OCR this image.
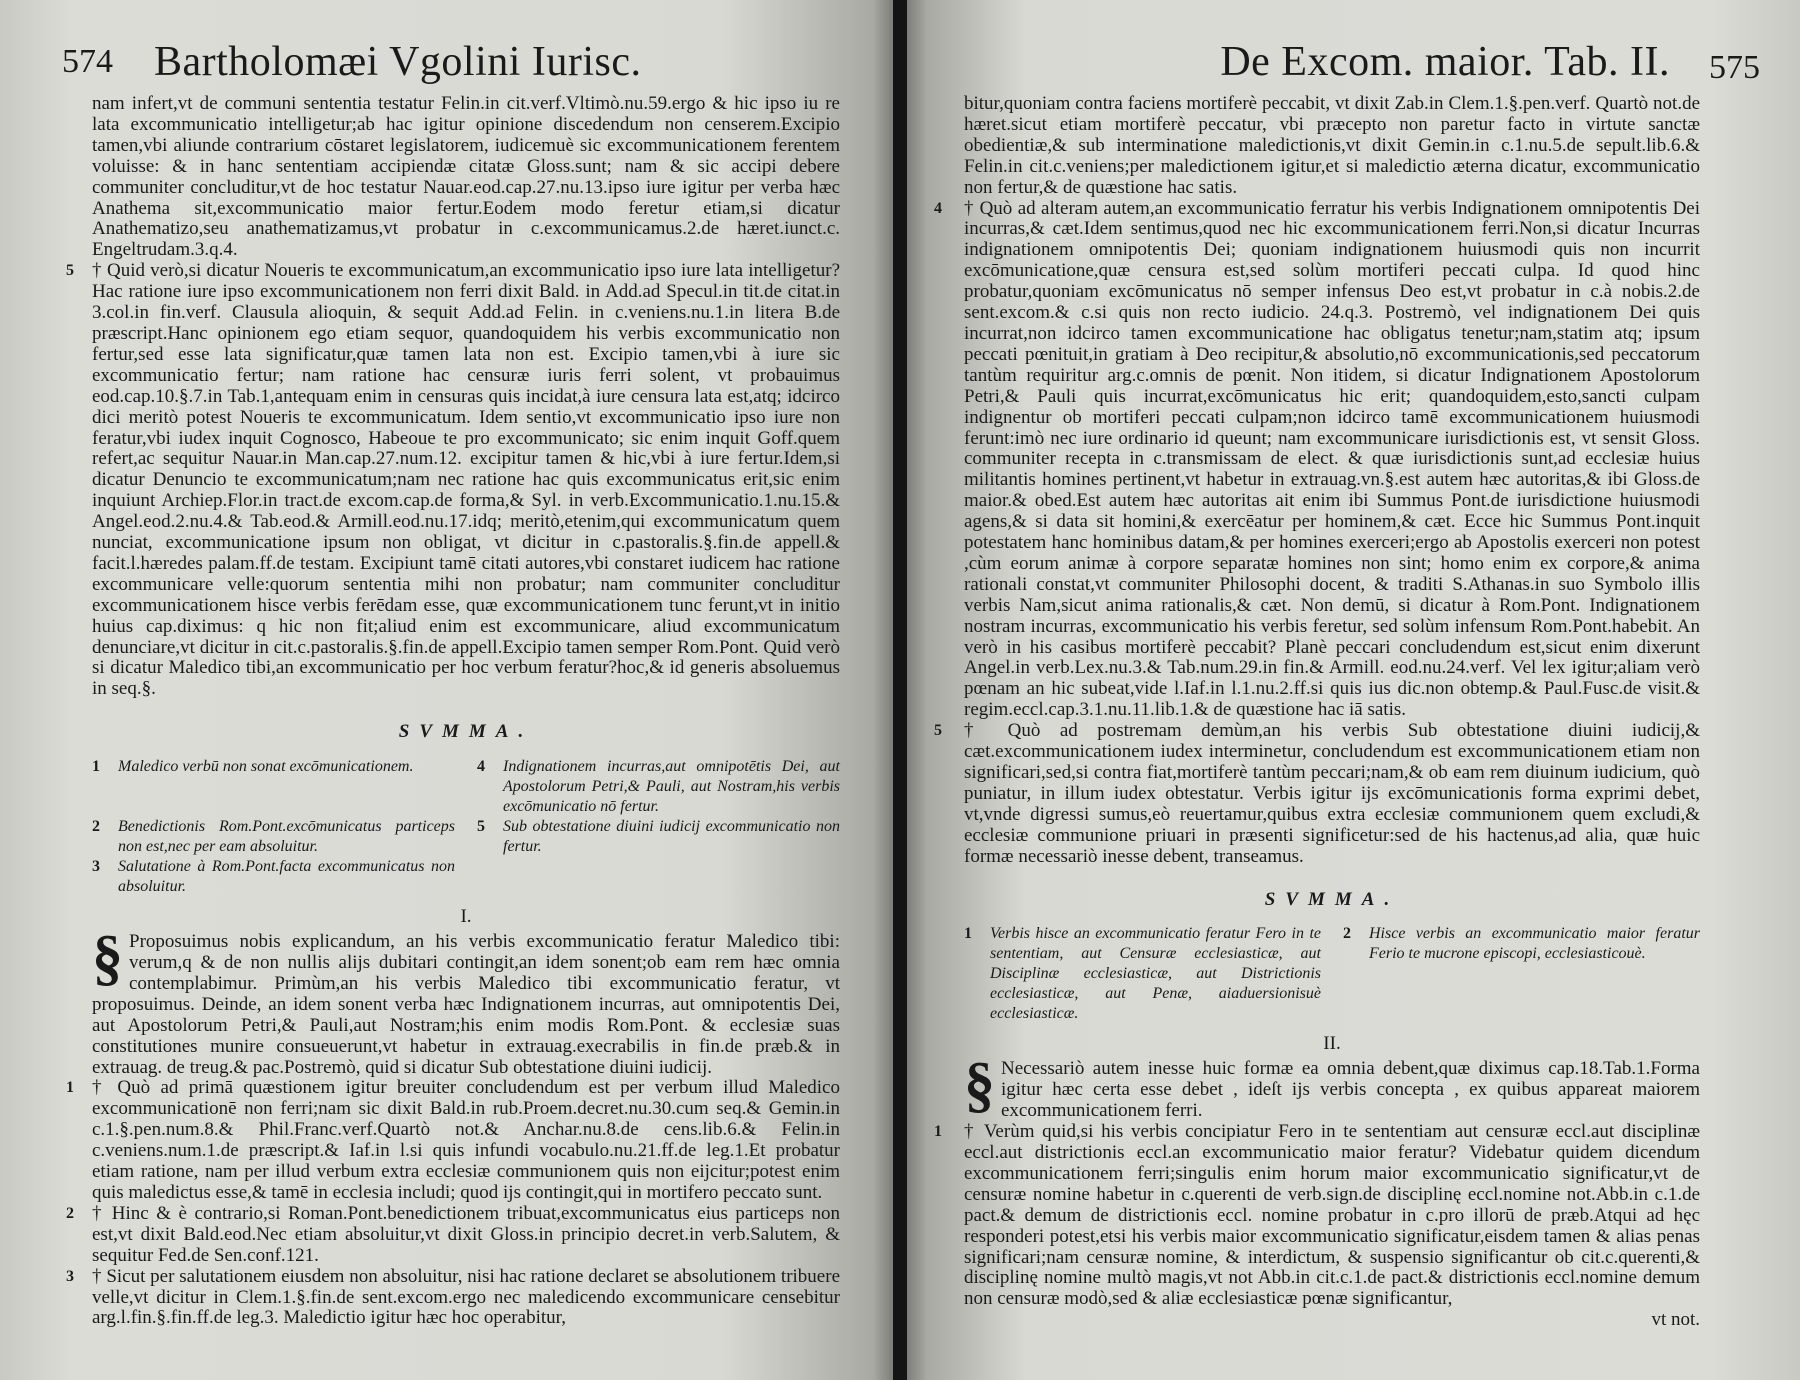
574 Bartholomæi Vgolini Iurisc.

nam infert,vt de communi sententia testatur Felin.in cit.verf.Vltimò.nu.59.ergo & hic ipso iu re lata excommunicatio intelligetur;ab hac igitur opinione discedendum non censerem.Excipio tamen,vbi aliunde contrarium cōstaret legislatorem, iudicemuè sic excommunicationem ferentem voluisse: & in hanc sententiam accipiendæ citatæ Gloss.sunt; nam & sic accipi debere communiter concluditur,vt de hoc testatur Nauar.eod.cap.27.nu.13.ipso iure igitur per verba hæc Anathema sit,excommunicatio maior fertur.Eodem modo feretur etiam,si dicatur Anathematizo,seu anathematizamus,vt probatur in c.excommunicamus.2.de hæret.iunct.c. Engeltrudam.3.q.4.

5 † Quid verò,si dicatur Noueris te excommunicatum,an excommunicatio ipso iure lata intelligetur? Hac ratione iure ipso excommunicationem non ferri dixit Bald. in Add.ad Specul.in tit.de citat.in 3.col.in fin.verf. Clausula alioquin, & sequit Add.ad Felin. in c.veniens.nu.1.in litera B.de præscript.Hanc opinionem ego etiam sequor, quandoquidem his verbis excommunicatio non fertur,sed esse lata significatur,quæ tamen lata non est. Excipio tamen,vbi à iure sic excommunicatio fertur; nam ratione hac censuræ iuris ferri solent, vt probauimus eod.cap.10.§.7.in Tab.1,antequam enim in censuras quis incidat,à iure censura lata est,atq; idcirco dici meritò potest Noueris te excommunicatum. Idem sentio,vt excommunicatio ipso iure non feratur,vbi iudex inquit Cognosco, Habeoue te pro excommunicato; sic enim inquit Goff.quem refert,ac sequitur Nauar.in Man.cap.27.num.12. excipitur tamen & hic,vbi à iure fertur.Idem,si dicatur Denuncio te excommunicatum;nam nec ratione hac quis excommunicatus erit,sic enim inquiunt Archiep.Flor.in tract.de excom.cap.de forma,& Syl. in verb.Excommunicatio.1.nu.15.& Angel.eod.2.nu.4.& Tab.eod.& Armill.eod.nu.17.idq; meritò,etenim,qui excommunicatum quem nunciat, excommunicatione ipsum non obligat, vt dicitur in c.pastoralis.§.fin.de appell.& facit.l.hæredes palam.ff.de testam. Excipiunt tamē citati autores,vbi constaret iudicem hac ratione excommunicare velle:quorum sententia mihi non probatur; nam communiter concluditur excommunicationem hisce verbis ferēdam esse, quæ excommunicationem tunc ferunt,vt in initio huius cap.diximus: q hic non fit;aliud enim est excommunicare, aliud excommunicatum denunciare,vt dicitur in cit.c.pastoralis.§.fin.de appell.Excipio tamen semper Rom.Pont. Quid verò si dicatur Maledico tibi,an excommunicatio per hoc verbum feratur?hoc,& id generis absoluemus in seq.§.

SVMMA.
1 Maledico verbū non sonat excōmunicationem.	4 Indignationem incurras,aut omnipotētis Dei, aut Apostolorum Petri,& Pauli, aut Nostram,his verbis excōmunicatio nō fertur.
2 Benedictionis Rom.Pont.excōmunicatus particeps non est,nec per eam absoluitur.
5 Sub obtestatione diuini iudicij excommunicatio non fertur.
3 Salutatione à Rom.Pont.facta excommunicatus non absoluitur.
I.

§ Proposuimus nobis explicandum, an his verbis excommunicatio feratur Maledico tibi: verum,q & de non nullis alijs dubitari contingit,an idem sonent;ob eam rem hæc omnia contemplabimur. Primùm,an his verbis Maledico tibi excommunicatio feratur, vt proposuimus. Deinde, an idem sonent verba hæc Indignationem incurras, aut omnipotentis Dei, aut Apostolorum Petri,& Pauli,aut Nostram;his enim modis Rom.Pont. & ecclesiæ suas constitutiones munire consueuerunt,vt habetur in extrauag.execrabilis in fin.de præb.& in extrauag. de treug.& pac.Postremò, quid si dicatur Sub obtestatione diuini iudicij.

1 † Quò ad primā quæstionem igitur breuiter concludendum est per verbum illud Maledico excommunicationē non ferri;nam sic dixit Bald.in rub.Proem.decret.nu.30.cum seq.& Gemin.in c.1.§.pen.num.8.& Phil.Franc.verf.Quartò not.& Anchar.nu.8.de cens.lib.6.& Felin.in c.veniens.num.1.de præscript.& Iaf.in l.si quis infundi vocabulo.nu.21.ff.de leg.1.Et probatur etiam ratione, nam per illud verbum extra ecclesiæ communionem quis non eijcitur;potest enim quis maledictus esse,& tamē in ecclesia includi; quod ijs contingit,qui in mortifero peccato sunt.

2 † Hinc & è contrario,si Roman.Pont.benedictionem tribuat,excommunicatus eius particeps non est,vt dixit Bald.eod.Nec etiam absoluitur,vt dixit Gloss.in principio decret.in verb.Salutem, & sequitur Fed.de Sen.conf.121.

3 † Sicut per salutationem eiusdem non absoluitur, nisi hac ratione declaret se absolutionem tribuere velle,vt dicitur in Clem.1.§.fin.de sent.excom.ergo nec maledicendo excommunicare censebitur arg.l.fin.§.fin.ff.de leg.3. Maledictio igitur hæc hoc operabitur,

De Excom. maior. Tab. II. 575

bitur,quoniam contra faciens mortiferè peccabit, vt dixit Zab.in Clem.1.§.pen.verf. Quartò not.de hæret.sicut etiam mortiferè peccatur, vbi præcepto non paretur facto in virtute sanctæ obedientiæ,& sub interminatione maledictionis,vt dixit Gemin.in c.1.nu.5.de sepult.lib.6.& Felin.in cit.c.veniens;per maledictionem igitur,et si maledictio æterna dicatur, excommunicatio non fertur,& de quæstione hac satis.

4 † Quò ad alteram autem,an excommunicatio ferratur his verbis Indignationem omnipotentis Dei incurras,& cæt.Idem sentimus,quod nec hic excommunicationem ferri.Non,si dicatur Incurras indignationem omnipotentis Dei; quoniam indignationem huiusmodi quis non incurrit excōmunicatione,quæ censura est,sed solùm mortiferi peccati culpa. Id quod hinc probatur,quoniam excōmunicatus nō semper infensus Deo est,vt probatur in c.à nobis.2.de sent.excom.& c.si quis non recto iudicio. 24.q.3. Postremò, vel indignationem Dei quis incurrat,non idcirco tamen excommunicatione hac obligatus tenetur;nam,statim atq; ipsum peccati pœnituit,in gratiam à Deo recipitur,& absolutio,nō excommunicationis,sed peccatorum tantùm requiritur arg.c.omnis de pœnit. Non itidem, si dicatur Indignationem Apostolorum Petri,& Pauli quis incurrat,excōmunicatus hic erit; quandoquidem,esto,sancti culpam indignentur ob mortiferi peccati culpam;non idcirco tamē excommunicationem huiusmodi ferunt:imò nec iure ordinario id queunt; nam excommunicare iurisdictionis est, vt sensit Gloss. communiter recepta in c.transmissam de elect. & quæ iurisdictionis sunt,ad ecclesiæ huius militantis homines pertinent,vt habetur in extrauag.vn.§.est autem hæc autoritas,& ibi Gloss.de maior.& obed.Est autem hæc autoritas ait enim ibi Summus Pont.de iurisdictione huiusmodi agens,& si data sit homini,& exercēatur per hominem,& cæt. Ecce hic Summus Pont.inquit potestatem hanc hominibus datam,& per homines exerceri;ergo ab Apostolis exerceri non potest ,cùm eorum animæ à corpore separatæ homines non sint; homo enim ex corpore,& anima rationali constat,vt communiter Philosophi docent, & traditi S.Athanas.in suo Symbolo illis verbis Nam,sicut anima rationalis,& cæt. Non demū, si dicatur à Rom.Pont. Indignationem nostram incurras, excommunicatio his verbis feretur, sed solùm infensum Rom.Pont.habebit. An verò in his casibus mortiferè peccabit? Planè peccari concludendum est,sicut enim dixerunt Angel.in verb.Lex.nu.3.& Tab.num.29.in fin.& Armill. eod.nu.24.verf. Vel lex igitur;aliam verò pœnam an hic subeat,vide l.Iaf.in l.1.nu.2.ff.si quis ius dic.non obtemp.& Paul.Fusc.de visit.& regim.eccl.cap.3.1.nu.11.lib.1.& de quæstione hac iā satis.

5 † Quò ad postremam demùm,an his verbis Sub obtestatione diuini iudicij,& cæt.excommunicationem iudex interminetur, concludendum est excommunicationem etiam non significari,sed,si contra fiat,mortiferè tantùm peccari;nam,& ob eam rem diuinum iudicium, quò puniatur, in illum iudex obtestatur. Verbis igitur ijs excōmunicationis forma exprimi debet, vt,vnde digressi sumus,eò reuertamur,quibus extra ecclesiæ communionem quem excludi,& ecclesiæ communione priuari in præsenti significetur:sed de his hactenus,ad alia, quæ huic formæ necessariò inesse debent, transeamus.

SVMMA.
1 Verbis hisce an excommunicatio feratur Fero in te sententiam, aut Censuræ ecclesiasticæ, aut Disciplinæ ecclesiasticæ, aut Districtionis ecclesiasticæ, aut Penæ, aiaduersionisuè ecclesiasticæ.
2 Hisce verbis an excommunicatio maior feratur Ferio te mucrone episcopi, ecclesiasticouè.
II.

§ Necessariò autem inesse huic formæ ea omnia debent,quæ diximus cap.18.Tab.1.Forma igitur hæc certa esse debet , ideſt ijs verbis concepta , ex quibus appareat maiorem excommunicationem ferri.

1 † Verùm quid,si his verbis concipiatur Fero in te sententiam aut censuræ eccl.aut disciplinæ eccl.aut districtionis eccl.an excommunicatio maior feratur? Videbatur quidem dicendum excommunicationem ferri;singulis enim horum maior excommunicatio significatur,vt de censuræ nomine habetur in c.querenti de verb.sign.de disciplinę eccl.nomine not.Abb.in c.1.de pact.& demum de districtionis eccl. nomine probatur in c.pro illorū de præb.Atqui ad hęc responderi potest,etsi his verbis maior excommunicatio significatur,eisdem tamen & alias penas significari;nam censuræ nomine, & interdictum, & suspensio significantur ob cit.c.querenti,& disciplinę nomine multò magis,vt not Abb.in cit.c.1.de pact.& districtionis eccl.nomine demum non censuræ modò,sed & aliæ ecclesiasticæ pœnæ significantur,

vt not.
